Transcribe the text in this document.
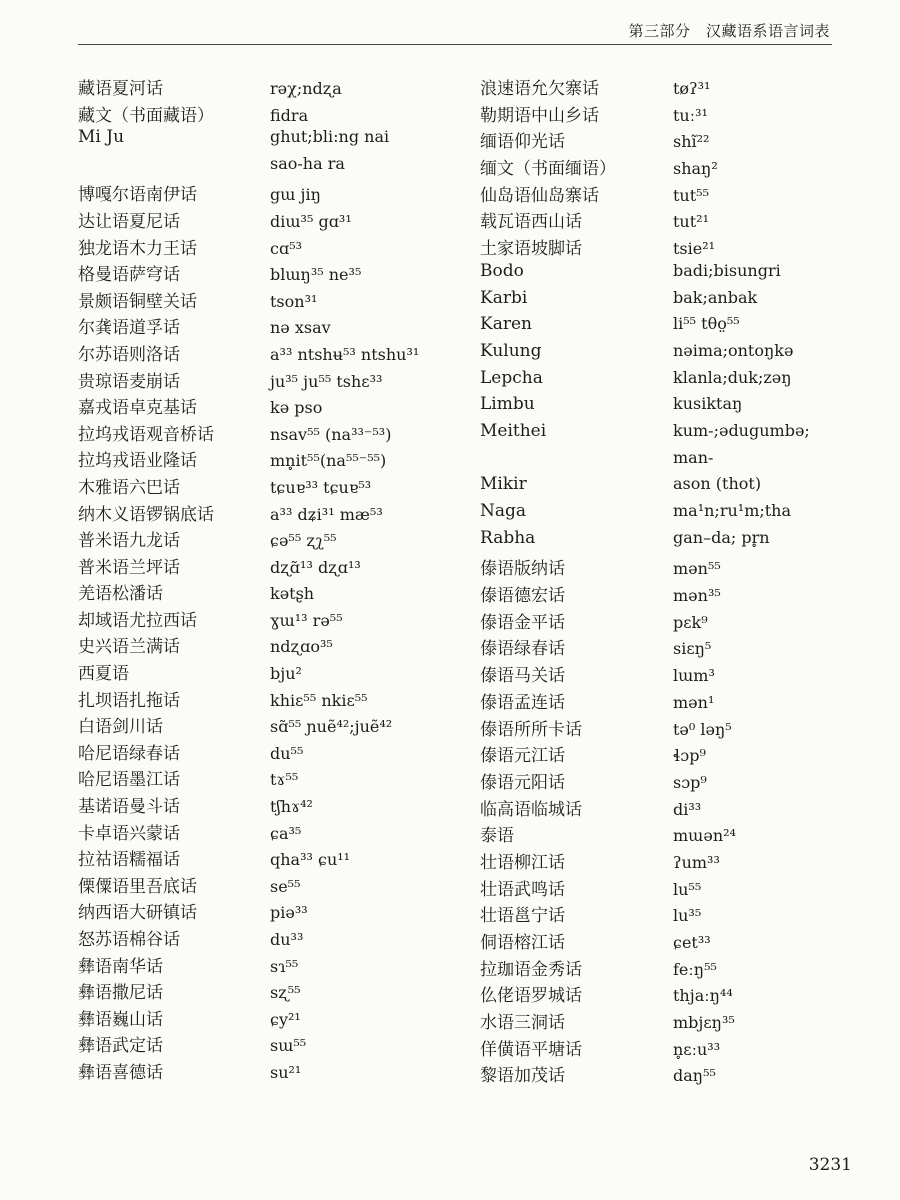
第三部分　汉藏语系语言词表
藏语夏河话	rəχ;ndʐa
藏文（书面藏语）	fidra
Mi Ju	ghut;bli:ng nai
sao-ha ra
博嘎尔语南伊话	gɯ jiŋ
达让语夏尼话	diɯ³⁵ gɑ³¹
独龙语木力王话	cɑ⁵³
格曼语萨穹话	blɯŋ³⁵ ne³⁵
景颇语铜壁关话	tson³¹
尔龚语道孚话	nə xsav
尔苏语则洛话	a³³ ntshʉ⁵³ ntshu³¹
贵琼语麦崩话	ju³⁵ ju⁵⁵ tshɛ³³
嘉戎语卓克基话	kə pso
拉坞戎语观音桥话	nsav⁵⁵ (na³³⁻⁵³)
拉坞戎语业隆话	mn̥it⁵⁵(na⁵⁵⁻⁵⁵)
木雅语六巴话	tɕuɐ³³ tɕuɐ⁵³
纳木义语锣锅底话	a³³ dʑi³¹ mæ⁵³
普米语九龙话	ɕə⁵⁵ ʐʅ⁵⁵
普米语兰坪话	dʐɑ̃¹³ dʐɑ¹³
羌语松潘话	kətʂh
却域语尤拉西话	ɣɯ¹³ rə⁵⁵
史兴语兰满话	ndʐɑo³⁵
西夏语	bju²
扎坝语扎拖话	khiɛ⁵⁵ nkiɛ⁵⁵
白语剑川话	sɑ̃⁵⁵ ɲuẽ⁴²;juẽ⁴²
哈尼语绿春话	du⁵⁵
哈尼语墨江话	tɤ⁵⁵
基诺语曼斗话	tʃhɤ⁴²
卡卓语兴蒙话	ɕa³⁵
拉祜语糯福话	qha³³ ɕu¹¹
傈僳语里吾底话	se⁵⁵
纳西语大研镇话	piə³³
怒苏语棉谷话	du³³
彝语南华话	sɿ⁵⁵
彝语撒尼话	sʐ⁵⁵
彝语巍山话	ɕy²¹
彝语武定话	sɯ⁵⁵
彝语喜德话	su²¹
浪速语允欠寨话	tøʔ³¹
勒期语中山乡话	tuː³¹
缅语仰光话	shĩ²²
缅文（书面缅语）	shaŋ²
仙岛语仙岛寨话	tut⁵⁵
载瓦语西山话	tut²¹
土家语坡脚话	tsie²¹
Bodo	badi;bisungri
Karbi	bak;anbak
Karen	li⁵⁵ tθo̤⁵⁵
Kulung	nəima;ontoŋkə
Lepcha	klanla;duk;zəŋ
Limbu	kusiktaŋ
Meithei	kum-;ədugumbə;
man-
Mikir	ason (thot)
Naga	ma¹n;ru¹m;tha
Rabha	gan–da; pr̥n
傣语版纳话	mən⁵⁵
傣语德宏话	mən³⁵
傣语金平话	pɛk⁹
傣语绿春话	siɛŋ⁵
傣语马关话	lɯm³
傣语孟连话	mən¹
傣语所所卡话	tə⁰ ləŋ⁵
傣语元江话	ɬɔp⁹
傣语元阳话	sɔp⁹
临高语临城话	di³³
泰语	mɯən²⁴
壮语柳江话	ʔum³³
壮语武鸣话	lu⁵⁵
壮语邕宁话	lu³⁵
侗语榕江话	ɕet³³
拉珈语金秀话	feːŋ⁵⁵
仫佬语罗城话	thjaːŋ⁴⁴
水语三洞话	mbjɛŋ³⁵
佯僙语平塘话	n̥ɛːu³³
黎语加茂话	daŋ⁵⁵
3231
